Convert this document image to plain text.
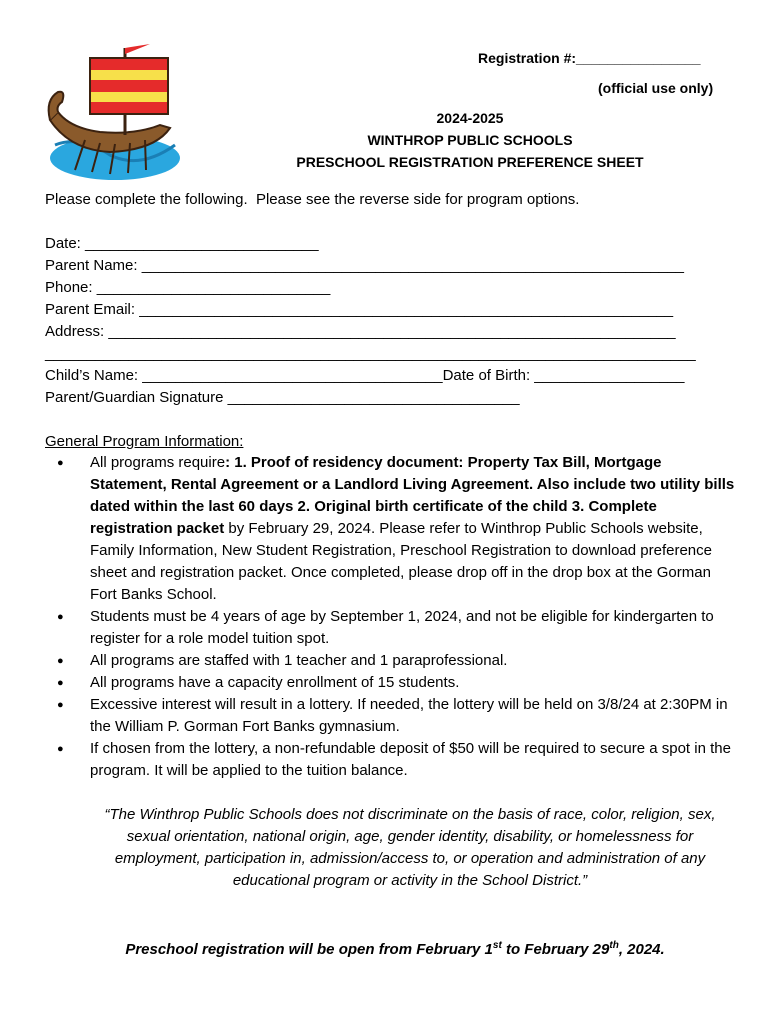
Registration #:________________
(official use only)
2024-2025
WINTHROP PUBLIC SCHOOLS
PRESCHOOL REGISTRATION PREFERENCE SHEET
Please complete the following.  Please see the reverse side for program options.
Date: ____________________________
Parent Name: _________________________________________________________________
Phone: ____________________________
Parent Email: ________________________________________________________________
Address: ____________________________________________________________________
______________________________________________________________________________
Child’s Name: ____________________________________Date of Birth: __________________
Parent/Guardian Signature ___________________________________
General Program Information:
● All programs require: 1. Proof of residency document: Property Tax Bill, Mortgage Statement, Rental Agreement or a Landlord Living Agreement. Also include two utility bills dated within the last 60 days 2. Original birth certificate of the child 3. Complete registration packet by February 29, 2024. Please refer to Winthrop Public Schools website, Family Information, New Student Registration, Preschool Registration to download preference sheet and registration packet. Once completed, please drop off in the drop box at the Gorman Fort Banks School.
● Students must be 4 years of age by September 1, 2024, and not be eligible for kindergarten to register for a role model tuition spot.
● All programs are staffed with 1 teacher and 1 paraprofessional.
● All programs have a capacity enrollment of 15 students.
● Excessive interest will result in a lottery. If needed, the lottery will be held on 3/8/24 at 2:30PM in the William P. Gorman Fort Banks gymnasium.
● If chosen from the lottery, a non-refundable deposit of $50 will be required to secure a spot in the program. It will be applied to the tuition balance.
“The Winthrop Public Schools does not discriminate on the basis of race, color, religion, sex, sexual orientation, national origin, age, gender identity, disability, or homelessness for employment, participation in, admission/access to, or operation and administration of any educational program or activity in the School District.”
Preschool registration will be open from February 1st to February 29th, 2024.
